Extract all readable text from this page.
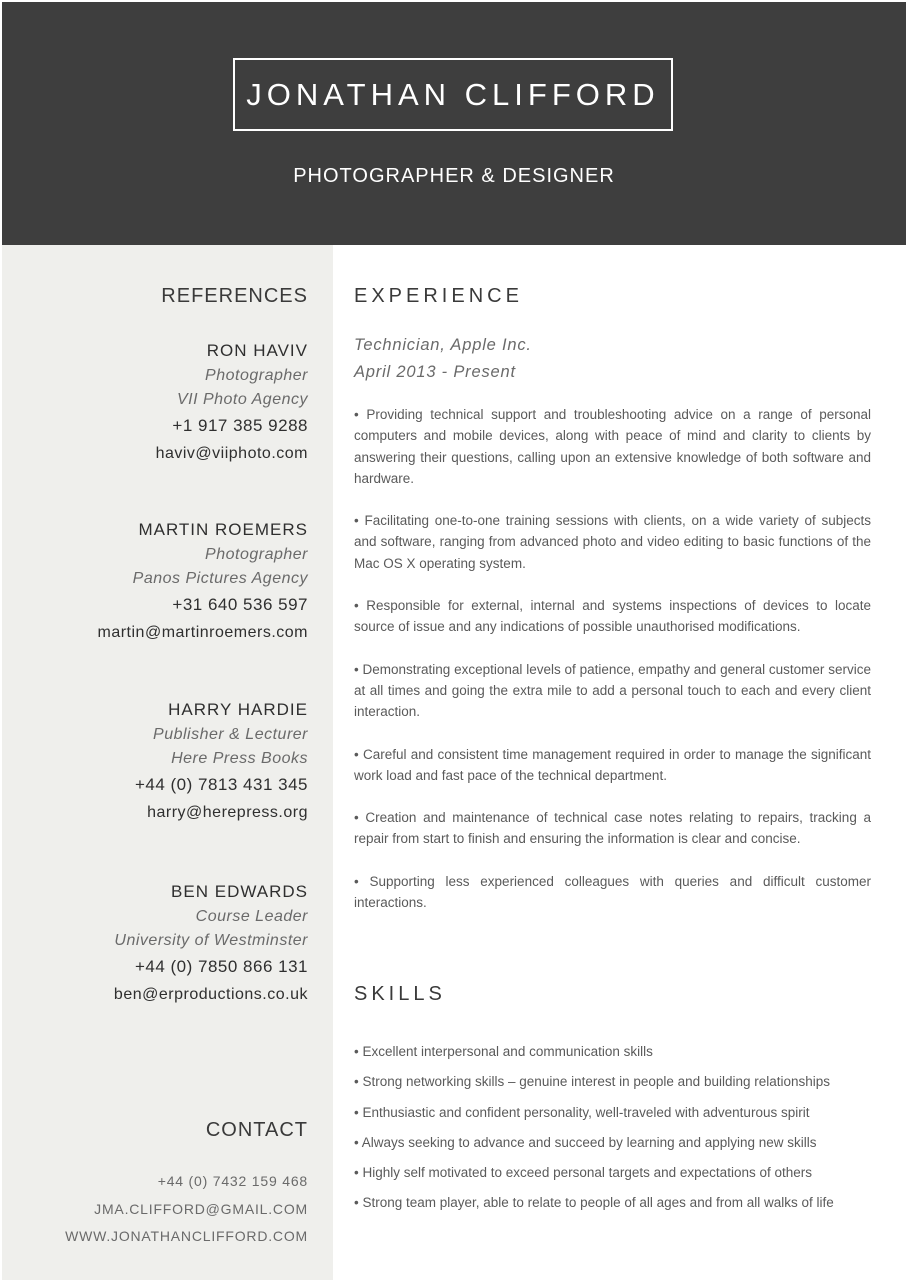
JONATHAN CLIFFORD
PHOTOGRAPHER & DESIGNER
REFERENCES
RON HAVIV
Photographer
VII Photo Agency
+1 917 385 9288
haviv@viiphoto.com
MARTIN ROEMERS
Photographer
Panos Pictures Agency
+31 640 536 597
martin@martinroemers.com
HARRY HARDIE
Publisher & Lecturer
Here Press Books
+44 (0) 7813 431 345
harry@herepress.org
BEN EDWARDS
Course Leader
University of Westminster
+44 (0) 7850 866 131
ben@erproductions.co.uk
CONTACT
+44 (0) 7432 159 468
JMA.CLIFFORD@GMAIL.COM
WWW.JONATHANCLIFFORD.COM
EXPERIENCE
Technician, Apple Inc.
April 2013 - Present
• Providing technical support and troubleshooting advice on a range of personal computers and mobile devices, along with peace of mind and clarity to clients by answering their questions, calling upon an extensive knowledge of both software and hardware.
• Facilitating one-to-one training sessions with clients, on a wide variety of subjects and software, ranging from advanced photo and video editing to basic functions of the Mac OS X operating system.
• Responsible for external, internal and systems inspections of devices to locate source of issue and any indications of possible unauthorised modifications.
• Demonstrating exceptional levels of patience, empathy and general customer service at all times and going the extra mile to add a personal touch to each and every client interaction.
• Careful and consistent time management required in order to manage the significant work load and fast pace of the technical department.
• Creation and maintenance of technical case notes relating to repairs, tracking a repair from start to finish and ensuring the information is clear and concise.
• Supporting less experienced colleagues with queries and difficult customer interactions.
SKILLS
• Excellent interpersonal and communication skills
• Strong networking skills – genuine interest in people and building relationships
• Enthusiastic and confident personality, well-traveled with adventurous spirit
• Always seeking to advance and succeed by learning and applying new skills
• Highly self motivated to exceed personal targets and expectations of others
• Strong team player, able to relate to people of all ages and from all walks of life
